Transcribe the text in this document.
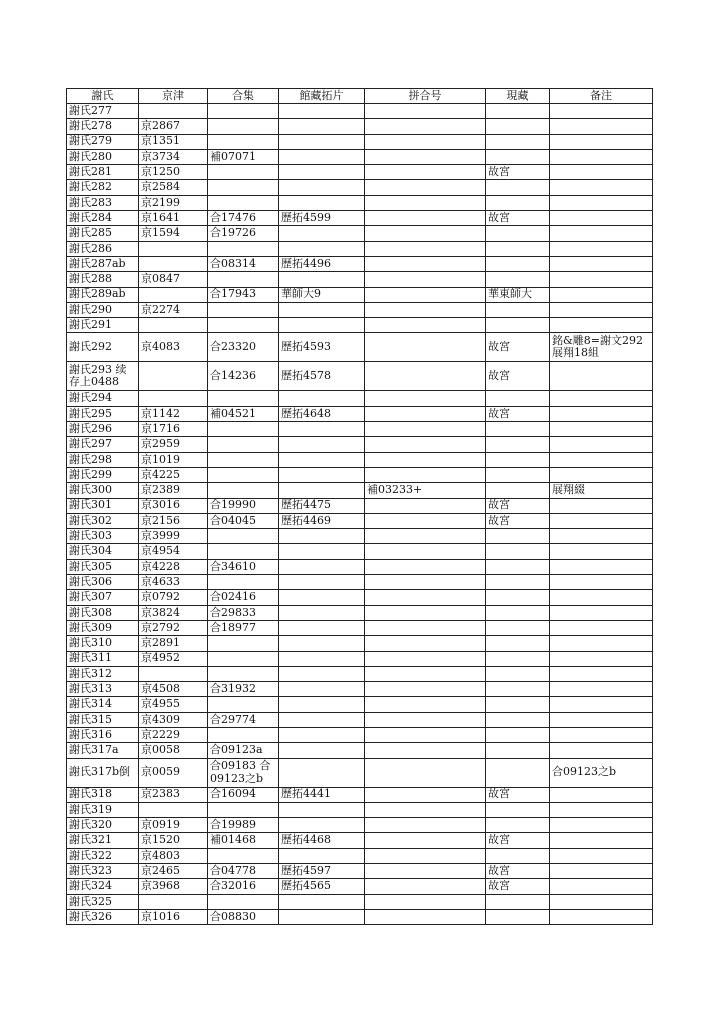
謝氏	京津	合集	館藏拓片	拼合号	現藏	备注
謝氏277						
謝氏278	京2867					
謝氏279	京1351					
謝氏280	京3734	補07071				
謝氏281	京1250				故宮	
謝氏282	京2584					
謝氏283	京2199					
謝氏284	京1641	合17476	歷拓4599		故宮	
謝氏285	京1594	合19726				
謝氏286						
謝氏287ab		合08314	歷拓4496			
謝氏288	京0847					
謝氏289ab		合17943	華師大9		華東師大	
謝氏290	京2274					
謝氏291						
謝氏292	京4083	合23320	歷拓4593		故宮	銘&雕8=謝文292 展翔18組
謝氏293 续存上0488		合14236	歷拓4578		故宮	
謝氏294						
謝氏295	京1142	補04521	歷拓4648		故宮	
謝氏296	京1716					
謝氏297	京2959					
謝氏298	京1019					
謝氏299	京4225					
謝氏300	京2389			補03233+		展翔綴
謝氏301	京3016	合19990	歷拓4475		故宮	
謝氏302	京2156	合04045	歷拓4469		故宮	
謝氏303	京3999					
謝氏304	京4954					
謝氏305	京4228	合34610				
謝氏306	京4633					
謝氏307	京0792	合02416				
謝氏308	京3824	合29833				
謝氏309	京2792	合18977				
謝氏310	京2891					
謝氏311	京4952					
謝氏312						
謝氏313	京4508	合31932				
謝氏314	京4955					
謝氏315	京4309	合29774				
謝氏316	京2229					
謝氏317a	京0058	合09123a				
謝氏317b倒	京0059	合09183 合09123之b				合09123之b
謝氏318	京2383	合16094	歷拓4441		故宮	
謝氏319						
謝氏320	京0919	合19989				
謝氏321	京1520	補01468	歷拓4468		故宮	
謝氏322	京4803					
謝氏323	京2465	合04778	歷拓4597		故宮	
謝氏324	京3968	合32016	歷拓4565		故宮	
謝氏325						
謝氏326	京1016	合08830				
